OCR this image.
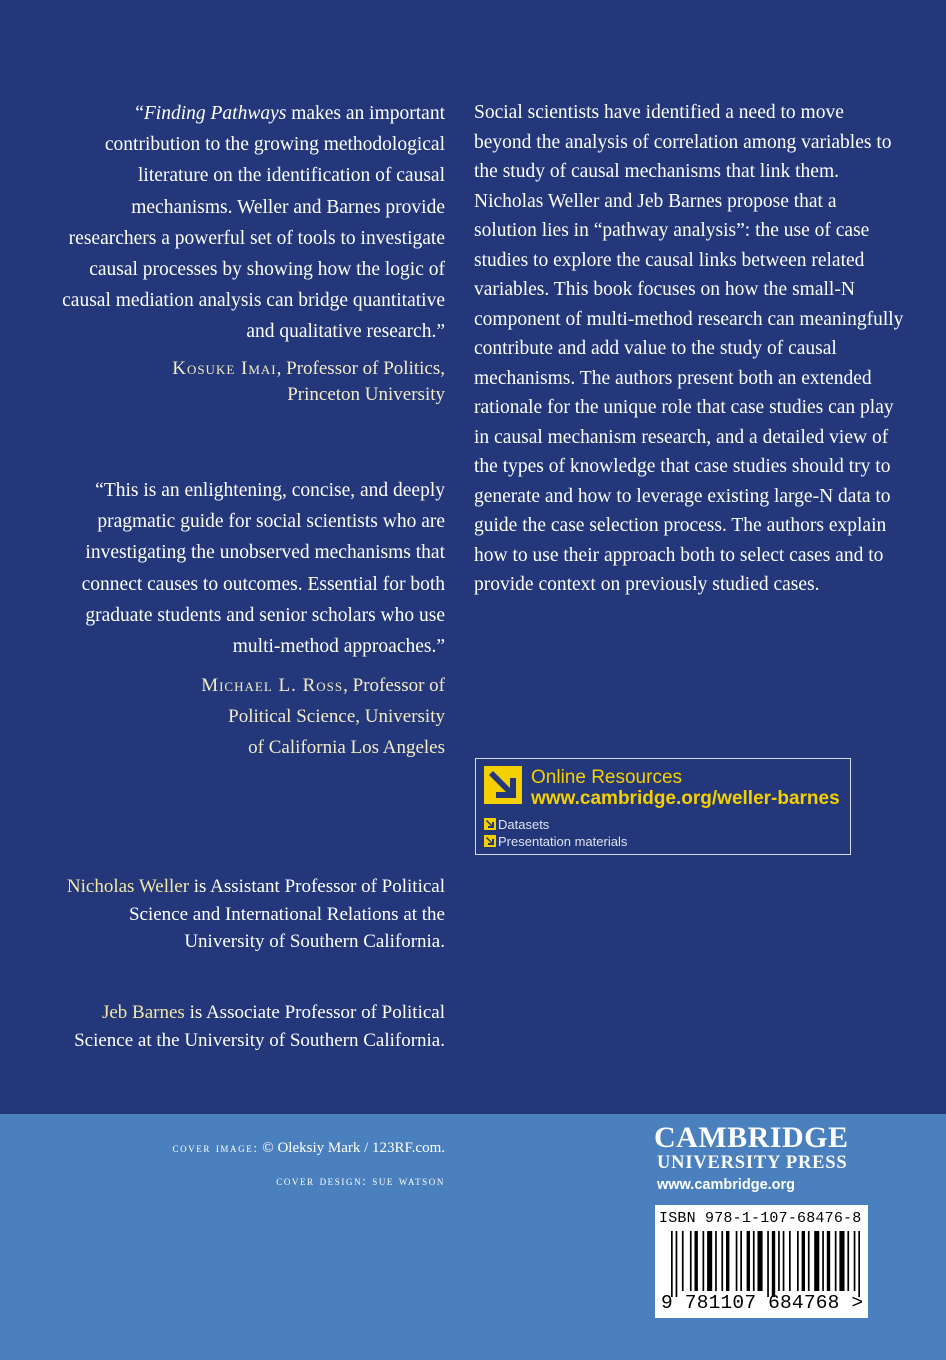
“Finding Pathways makes an important contribution to the growing methodological literature on the identification of causal mechanisms. Weller and Barnes provide researchers a powerful set of tools to investigate causal processes by showing how the logic of causal mediation analysis can bridge quantitative and qualitative research.”

Kosuke Imai, Professor of Politics,
Princeton University

“This is an enlightening, concise, and deeply pragmatic guide for social scientists who are investigating the unobserved mechanisms that connect causes to outcomes. Essential for both graduate students and senior scholars who use multi-method approaches.”

Michael L. Ross, Professor of
Political Science, University
of California Los Angeles

Nicholas Weller is Assistant Professor of Political Science and International Relations at the University of Southern California.

Jeb Barnes is Associate Professor of Political Science at the University of Southern California.

Social scientists have identified a need to move beyond the analysis of correlation among variables to the study of causal mechanisms that link them. Nicholas Weller and Jeb Barnes propose that a solution lies in “pathway analysis”: the use of case studies to explore the causal links between related variables. This book focuses on how the small-N component of multi-method research can meaningfully contribute and add value to the study of causal mechanisms. The authors present both an extended rationale for the unique role that case studies can play in causal mechanism research, and a detailed view of the types of knowledge that case studies should try to generate and how to leverage existing large-N data to guide the case selection process. The authors explain how to use their approach both to select cases and to provide context on previously studied cases.

Online Resources
www.cambridge.org/weller-barnes
Datasets
Presentation materials
cover image: © Oleksiy Mark / 123RF.com.
cover design: sue watson
CAMBRIDGE
UNIVERSITY PRESS
www.cambridge.org
ISBN 978-1-107-68476-8
9 781107 684768 >
